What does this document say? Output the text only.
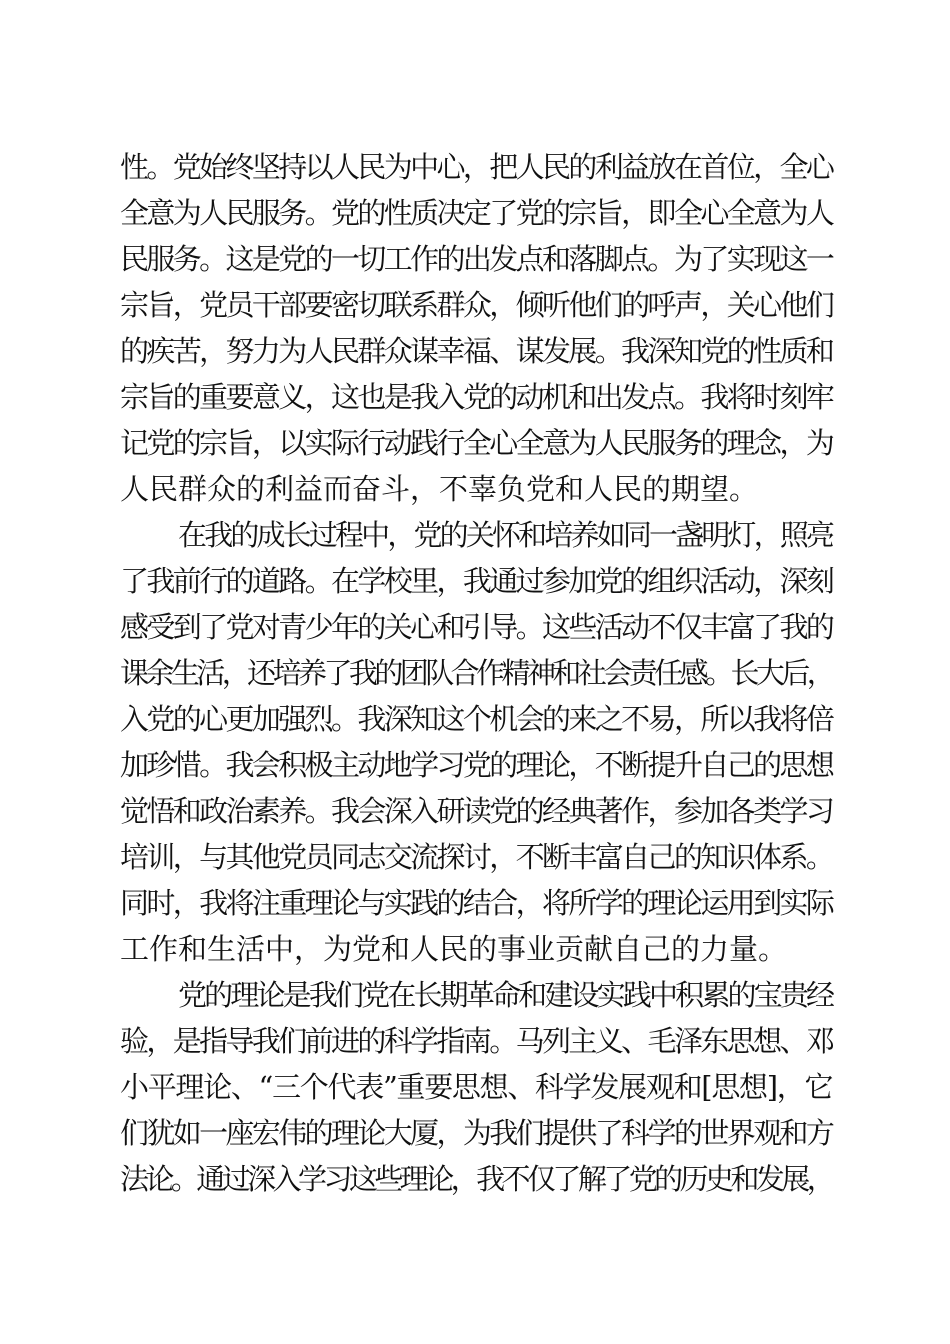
性。党始终坚持以人民为中心，把人民的利益放在首位，全心
全意为人民服务。党的性质决定了党的宗旨，即全心全意为人
民服务。这是党的一切工作的出发点和落脚点。为了实现这一
宗旨，党员干部要密切联系群众，倾听他们的呼声，关心他们
的疾苦，努力为人民群众谋幸福、谋发展。我深知党的性质和
宗旨的重要意义，这也是我入党的动机和出发点。我将时刻牢
记党的宗旨，以实际行动践行全心全意为人民服务的理念，为
人民群众的利益而奋斗，不辜负党和人民的期望。
在我的成长过程中，党的关怀和培养如同一盏明灯，照亮
了我前行的道路。在学校里，我通过参加党的组织活动，深刻
感受到了党对青少年的关心和引导。这些活动不仅丰富了我的
课余生活，还培养了我的团队合作精神和社会责任感。长大后，
入党的心更加强烈。我深知这个机会的来之不易，所以我将倍
加珍惜。我会积极主动地学习党的理论，不断提升自己的思想
觉悟和政治素养。我会深入研读党的经典著作，参加各类学习
培训，与其他党员同志交流探讨，不断丰富自己的知识体系。
同时，我将注重理论与实践的结合，将所学的理论运用到实际
工作和生活中，为党和人民的事业贡献自己的力量。
党的理论是我们党在长期革命和建设实践中积累的宝贵经
验，是指导我们前进的科学指南。马列主义、毛泽东思想、邓
小平理论、“三个代表”重要思想、科学发展观和[思想]，它
们犹如一座宏伟的理论大厦，为我们提供了科学的世界观和方
法论。通过深入学习这些理论，我不仅了解了党的历史和发展，
